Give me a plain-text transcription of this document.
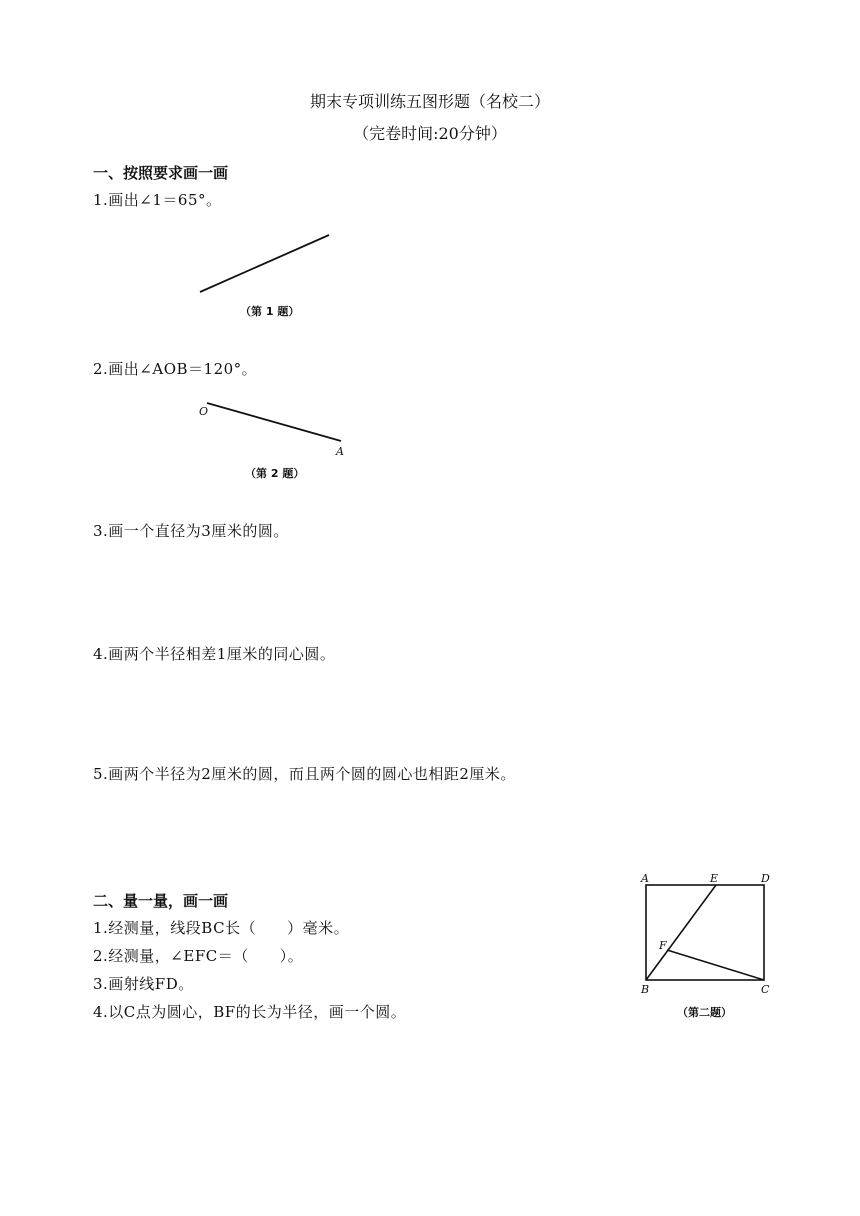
期末专项训练五图形题（名校二）
（完卷时间:20分钟）
一、按照要求画一画
1.画出∠1＝65°。
（第 1 题）
2.画出∠AOB＝120°。
O
A
（第 2 题）
3.画一个直径为3厘米的圆。
4.画两个半径相差1厘米的同心圆。
5.画两个半径为2厘米的圆，而且两个圆的圆心也相距2厘米。
二、量一量，画一画
1.经测量，线段BC长（　　）毫米。
2.经测量，∠EFC＝（　　）。
3.画射线FD。
4.以C点为圆心，BF的长为半径，画一个圆。
A	E	D
F
B	C
（第二题）
